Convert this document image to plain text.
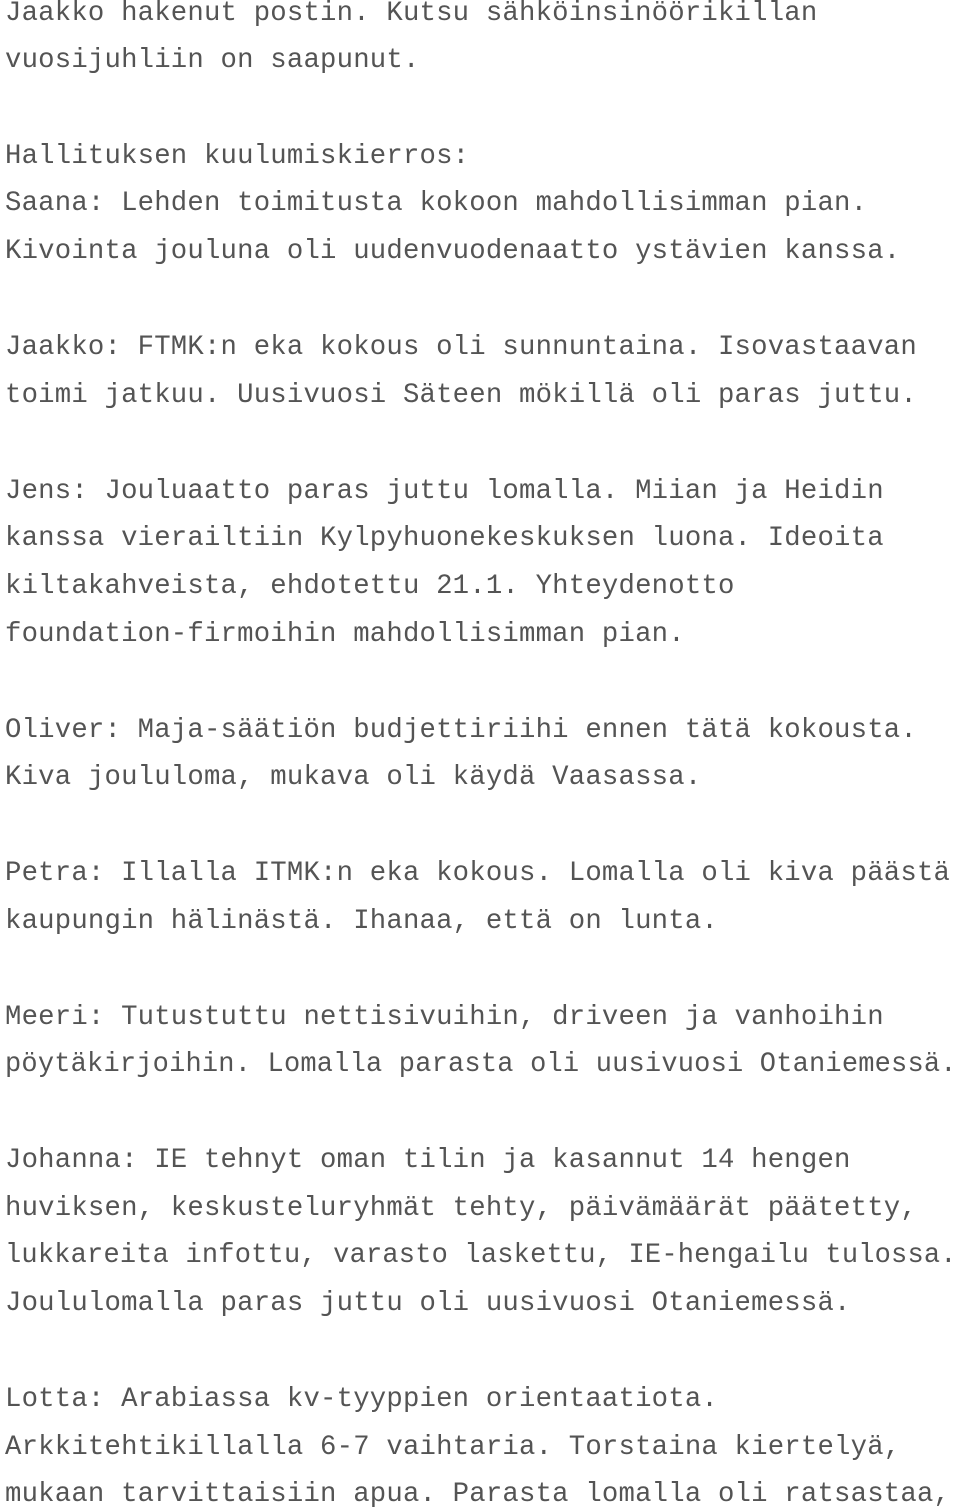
Jaakko hakenut postin. Kutsu sähköinsinöörikillan
vuosijuhliin on saapunut.
Hallituksen kuulumiskierros:
Saana: Lehden toimitusta kokoon mahdollisimman pian.
Kivointa jouluna oli uudenvuodenaatto ystävien kanssa.
Jaakko: FTMK:n eka kokous oli sunnuntaina. Isovastaavan
toimi jatkuu. Uusivuosi Säteen mökillä oli paras juttu.
Jens: Jouluaatto paras juttu lomalla. Miian ja Heidin
kanssa vierailtiin Kylpyhuonekeskuksen luona. Ideoita
kiltakahveista, ehdotettu 21.1. Yhteydenotto
foundation-firmoihin mahdollisimman pian.
Oliver: Maja-säätiön budjettiriihi ennen tätä kokousta.
Kiva joululoma, mukava oli käydä Vaasassa.
Petra: Illalla ITMK:n eka kokous. Lomalla oli kiva päästä
kaupungin hälinästä. Ihanaa, että on lunta.
Meeri: Tutustuttu nettisivuihin, driveen ja vanhoihin
pöytäkirjoihin. Lomalla parasta oli uusivuosi Otaniemessä.
Johanna: IE tehnyt oman tilin ja kasannut 14 hengen
huviksen, keskusteluryhmät tehty, päivämäärät päätetty,
lukkareita infottu, varasto laskettu, IE-hengailu tulossa.
Joululomalla paras juttu oli uusivuosi Otaniemessä.
Lotta: Arabiassa kv-tyyppien orientaatiota.
Arkkitehtikillalla 6-7 vaihtaria. Torstaina kiertelyä,
mukaan tarvittaisiin apua. Parasta lomalla oli ratsastaa,
